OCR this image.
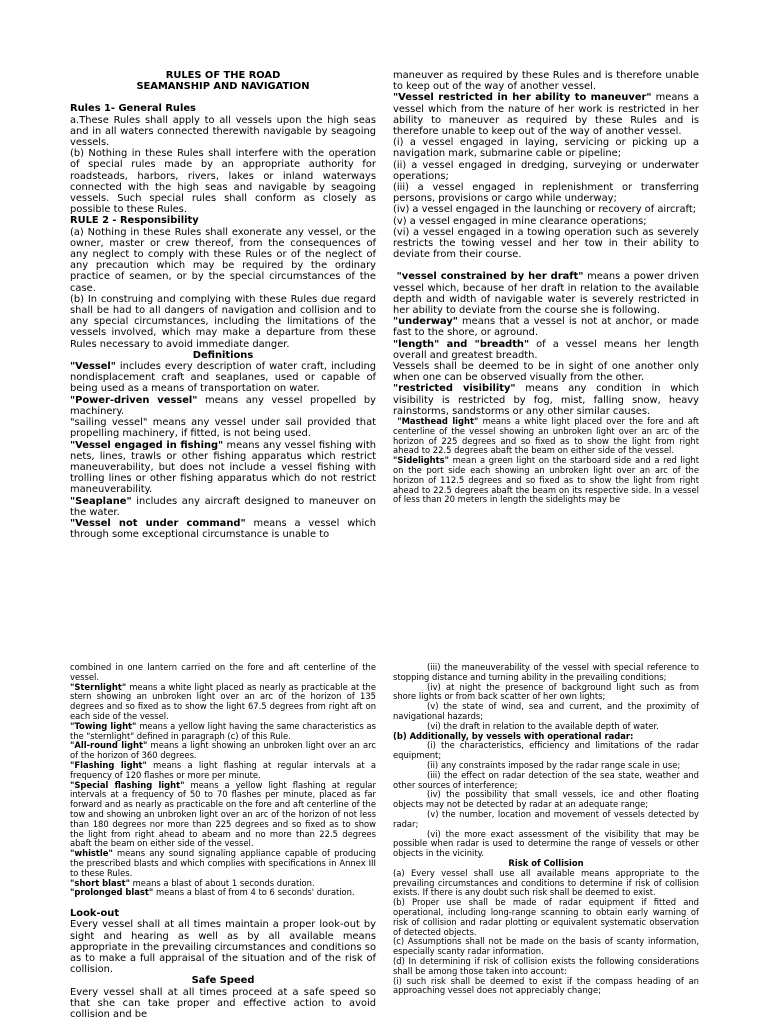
RULES OF THE ROAD

SEAMANSHIP AND NAVIGATION

Rules 1- General Rules

a.These Rules shall apply to all vessels upon the high seas and in all waters connected therewith navigable by seagoing vessels.

(b) Nothing in these Rules shall interfere with the operation of special rules made by an appropriate authority for roadsteads, harbors, rivers, lakes or inland waterways connected with the high seas and navigable by seagoing vessels. Such special rules shall conform as closely as possible to these Rules.

RULE 2 - Responsibility

(a) Nothing in these Rules shall exonerate any vessel, or the owner, master or crew thereof, from the consequences of any neglect to comply with these Rules or of the neglect of any precaution which may be required by the ordinary practice of seamen, or by the special circumstances of the case.

(b) In construing and complying with these Rules due regard shall be had to all dangers of navigation and collision and to any special circumstances, including the limitations of the vessels involved, which may make a departure from these Rules necessary to avoid immediate danger.

Definitions

"Vessel" includes every description of water craft, including nondisplacement craft and seaplanes, used or capable of being used as a means of transportation on water.

"Power-driven vessel" means any vessel propelled by machinery.

"sailing vessel" means any vessel under sail provided that propelling machinery, if fitted, is not being used.

"Vessel engaged in fishing" means any vessel fishing with nets, lines, trawls or other fishing apparatus which restrict maneuverability, but does not include a vessel fishing with trolling lines or other fishing apparatus which do not restrict maneuverability.

"Seaplane" includes any aircraft designed to maneuver on the water.

"Vessel not under command" means a vessel which through some exceptional circumstance is unable to

maneuver as required by these Rules and is therefore unable to keep out of the way of another vessel.

"Vessel restricted in her ability to maneuver" means a vessel which from the nature of her work is restricted in her ability to maneuver as required by these Rules and is therefore unable to keep out of the way of another vessel.

(i) a vessel engaged in laying, servicing or picking up a navigation mark, submarine cable or pipeline;

(ii) a vessel engaged in dredging, surveying or underwater operations;

(iii) a vessel engaged in replenishment or transferring persons, provisions or cargo while underway;

(iv) a vessel engaged in the launching or recovery of aircraft;

(v) a vessel engaged in mine clearance operations;

(vi) a vessel engaged in a towing operation such as severely restricts the towing vessel and her tow in their ability to deviate from their course.

"vessel constrained by her draft" means a power driven vessel which, because of her draft in relation to the available depth and width of navigable water is severely restricted in her ability to deviate from the course she is following.

"underway" means that a vessel is not at anchor, or made fast to the shore, or aground.

"length" and "breadth" of a vessel means her length overall and greatest breadth.

Vessels shall be deemed to be in sight of one another only when one can be observed visually from the other.

"restricted visibility" means any condition in which visibility is restricted by fog, mist, falling snow, heavy rainstorms, sandstorms or any other similar causes.

"Masthead light" means a white light placed over the fore and aft centerline of the vessel showing an unbroken light over an arc of the horizon of 225 degrees and so fixed as to show the light from right ahead to 22.5 degrees abaft the beam on either side of the vessel.

"Sidelights" mean a green light on the starboard side and a red light on the port side each showing an unbroken light over an arc of the horizon of 112.5 degrees and so fixed as to show the light from right ahead to 22.5 degrees abaft the beam on its respective side. In a vessel of less than 20 meters in length the sidelights may be

combined in one lantern carried on the fore and aft centerline of the vessel.

"Sternlight" means a white light placed as nearly as practicable at the stern showing an unbroken light over an arc of the horizon of 135 degrees and so fixed as to show the light 67.5 degrees from right aft on each side of the vessel.

"Towing light" means a yellow light having the same characteristics as the "sternlight" defined in paragraph (c) of this Rule.

"All-round light" means a light showing an unbroken light over an arc of the horizon of 360 degrees.

"Flashing light" means a light flashing at regular intervals at a frequency of 120 flashes or more per minute.

"Special flashing light" means a yellow light flashing at regular intervals at a frequency of 50 to 70 flashes per minute, placed as far forward and as nearly as practicable on the fore and aft centerline of the tow and showing an unbroken light over an arc of the horizon of not less than 180 degrees nor more than 225 degrees and so fixed as to show the light from right ahead to abeam and no more than 22.5 degrees abaft the beam on either side of the vessel.

"whistle" means any sound signaling appliance capable of producing the prescribed blasts and which complies with specifications in Annex III to these Rules.

"short blast" means a blast of about 1 seconds duration.

"prolonged blast" means a blast of from 4 to 6 seconds' duration.

Look-out

Every vessel shall at all times maintain a proper look-out by sight and hearing as well as by all available means appropriate in the prevailing circumstances and conditions so as to make a full appraisal of the situation and of the risk of collision.

Safe Speed

Every vessel shall at all times proceed at a safe speed so that she can take proper and effective action to avoid collision and be

(iii) the maneuverability of the vessel with special reference to stopping distance and turning ability in the prevailing conditions;

(iv) at night the presence of background light such as from shore lights or from back scatter of her own lights;

(v) the state of wind, sea and current, and the proximity of navigational hazards;

(vi) the draft in relation to the available depth of water.

(b) Additionally, by vessels with operational radar:

(i) the characteristics, efficiency and limitations of the radar equipment;

(ii) any constraints imposed by the radar range scale in use;

(iii) the effect on radar detection of the sea state, weather and other sources of interference;

(iv) the possibility that small vessels, ice and other floating objects may not be detected by radar at an adequate range;

(v) the number, location and movement of vessels detected by radar;

(vi) the more exact assessment of the visibility that may be possible when radar is used to determine the range of vessels or other objects in the vicinity.

Risk of Collision

(a) Every vessel shall use all available means appropriate to the prevailing circumstances and conditions to determine if risk of collision exists. If there is any doubt such risk shall be deemed to exist.

(b) Proper use shall be made of radar equipment if fitted and operational, including long-range scanning to obtain early warning of risk of collision and radar plotting or equivalent systematic observation of detected objects.

(c) Assumptions shall not be made on the basis of scanty information, especially scanty radar information.

(d) In determining if risk of collision exists the following considerations shall be among those taken into account:

(i) such risk shall be deemed to exist if the compass heading of an approaching vessel does not appreciably change;
